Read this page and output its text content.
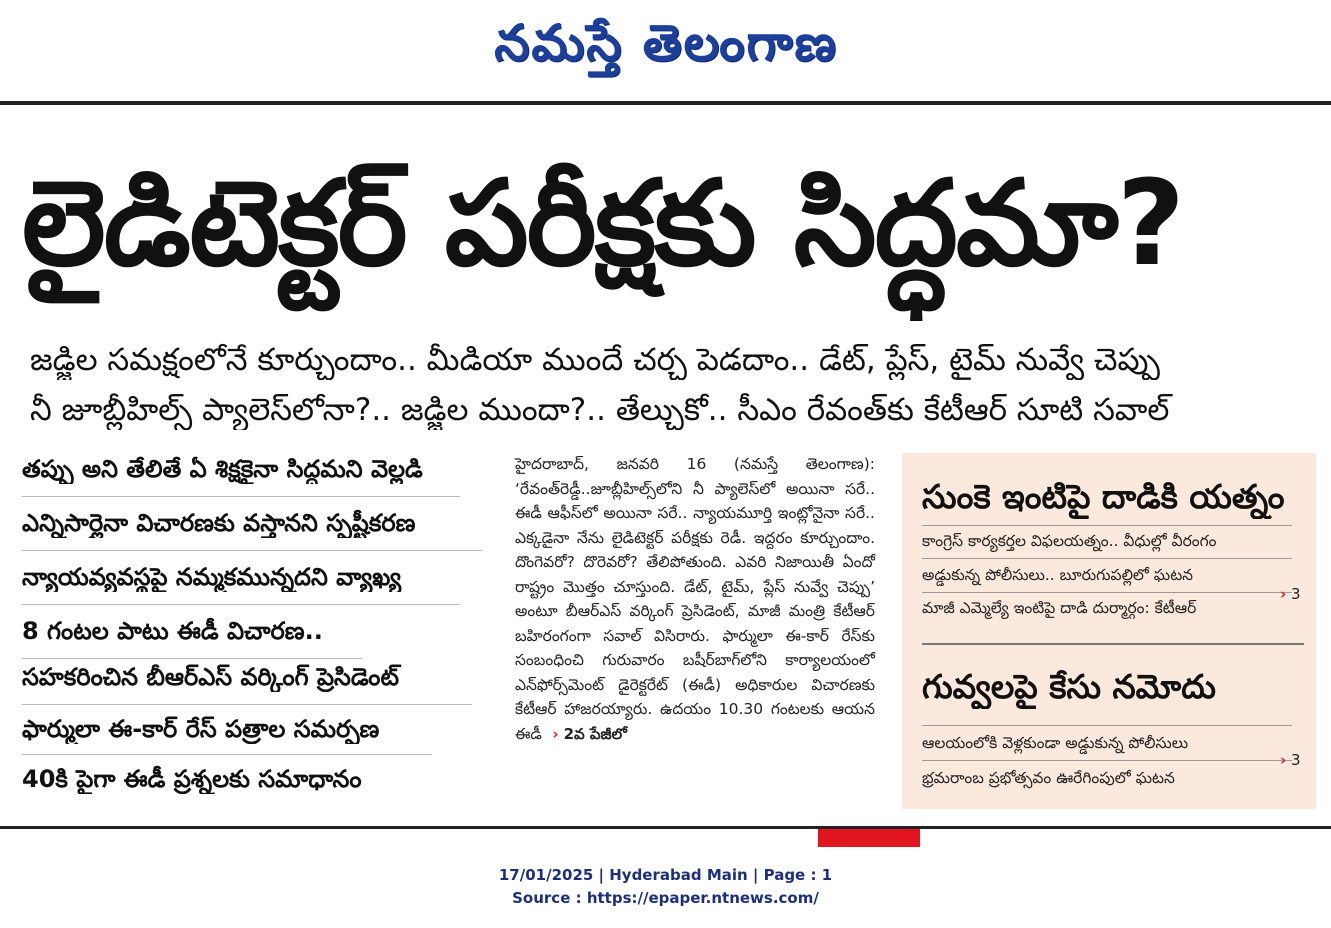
నమస్తే తెలంగాణ
లైడిటెక్టర్ పరీక్షకు సిద్ధమా?
జడ్జిల సమక్షంలోనే కూర్చుందాం.. మీడియా ముందే చర్చ పెడదాం.. డేట్, ప్లేస్, టైమ్ నువ్వే చెప్పు
నీ జూబ్లీహిల్స్ ప్యాలెస్‌లోనా?.. జడ్జిల ముందా?.. తేల్చుకో.. సీఎం రేవంత్‌కు కేటీఆర్ సూటి సవాల్
తప్పు అని తేలితే ఏ శిక్షకైనా సిద్ధమని వెల్లడి
ఎన్నిసార్లైనా విచారణకు వస్తానని స్పష్టీకరణ
న్యాయవ్యవస్థపై నమ్మకమున్నదని వ్యాఖ్య
8 గంటల పాటు ఈడీ విచారణ..
సహకరించిన బీఆర్‌ఎస్ వర్కింగ్ ప్రెసిడెంట్
ఫార్ములా ఈ-కార్ రేస్ పత్రాల సమర్పణ
40కి పైగా ఈడీ ప్రశ్నలకు సమాధానం
హైదరాబాద్, జనవరి 16 (నమస్తే తెలంగాణ): ‘రేవంత్‌రెడ్డీ..జూబ్లీహిల్స్‌లోని నీ ప్యాలెస్‌లో అయినా సరే.. ఈడీ ఆఫీస్‌లో అయినా సరే.. న్యాయమూర్తి ఇంట్లోనైనా సరే.. ఎక్కడైనా నేను లైడిటెక్టర్ పరీక్షకు రెడీ. ఇద్దరం కూర్చుందాం. దొంగెవరో? దొరెవరో? తేలిపోతుంది. ఎవరి నిజాయితీ ఏందో రాష్ట్రం మొత్తం చూస్తుంది. డేట్, టైమ్, ప్లేస్ నువ్వే చెప్పు’ అంటూ బీఆర్‌ఎస్ వర్కింగ్ ప్రెసిడెంట్, మాజీ మంత్రి కేటీఆర్ బహిరంగంగా సవాల్ విసిరారు. ఫార్ములా ఈ-కార్ రేస్‌కు సంబంధించి గురువారం బషీర్‌బాగ్‌లోని కార్యాలయంలో ఎన్‌ఫోర్స్‌మెంట్ డైరెక్టరేట్ (ఈడీ) అధికారుల విచారణకు కేటీఆర్ హాజరయ్యారు. ఉదయం 10.30 గంటలకు ఆయన ఈడీ  › 2వ పేజీలో
సుంకె ఇంటిపై దాడికి యత్నం
కాంగ్రెస్ కార్యకర్తల విఫలయత్నం.. వీధుల్లో వీరంగం
అడ్డుకున్న పోలీసులు.. బూరుగుపల్లిలో ఘటన
మాజీ ఎమ్మెల్యే ఇంటిపై దాడి దుర్మార్గం: కేటీఆర్
› 3
గువ్వలపై కేసు నమోదు
ఆలయంలోకి వెళ్లకుండా అడ్డుకున్న పోలీసులు
భ్రమరాంబ ప్రభోత్సవం ఊరేగింపులో ఘటన
› 3
17/01/2025 | Hyderabad Main | Page : 1
Source : https://epaper.ntnews.com/
